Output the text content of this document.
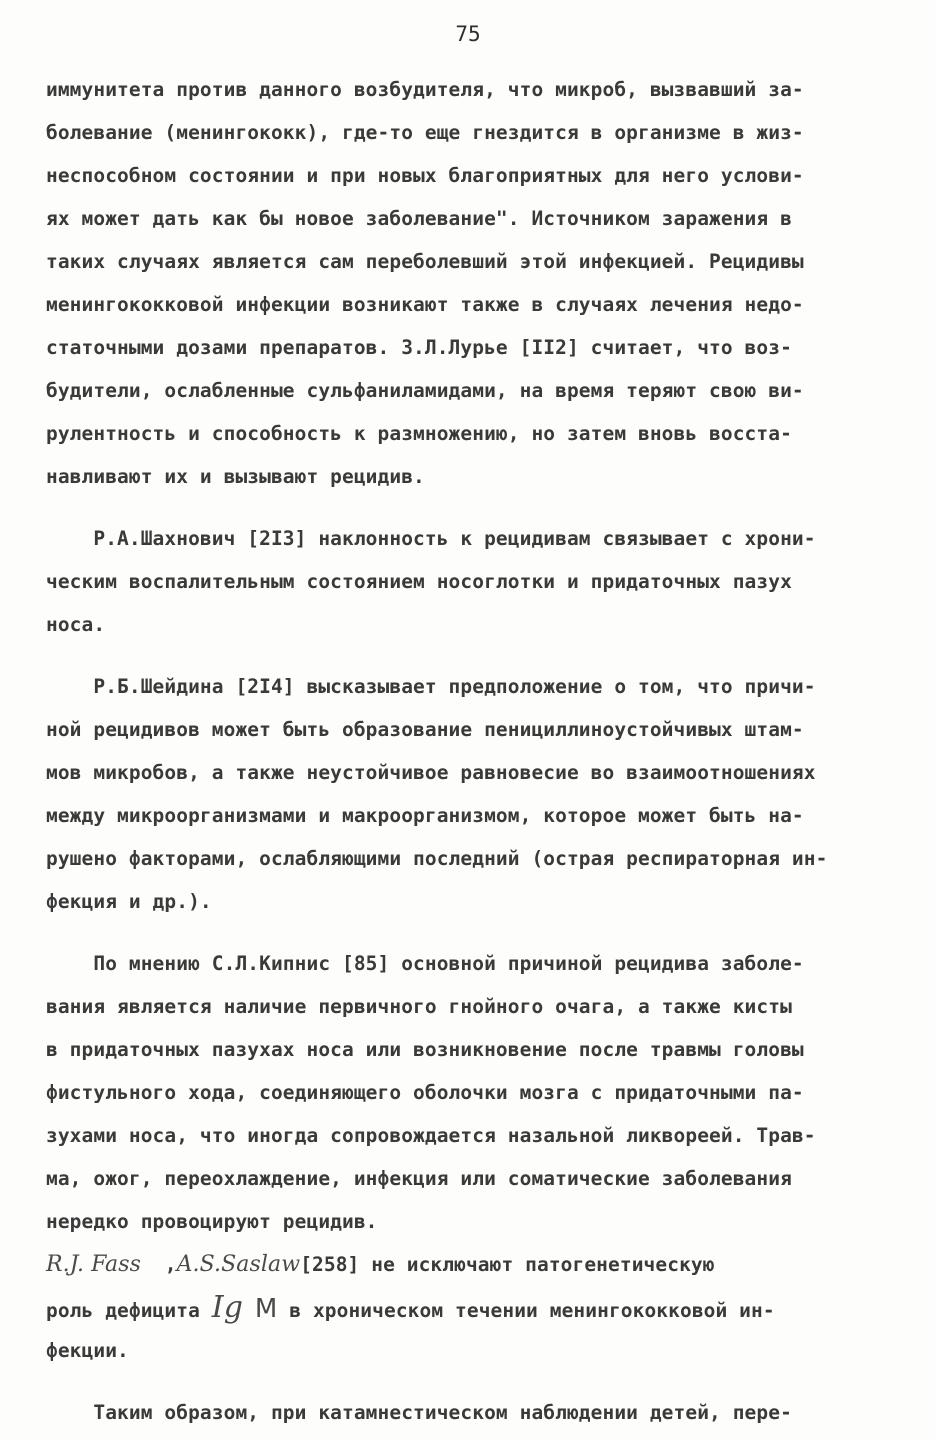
75
иммунитета против данного возбудителя, что микроб, вызвавший за-
болевание (менингококк), где-то еще гнездится в организме в жиз-
неспособном состоянии и при новых благоприятных для него услови-
ях может дать как бы новое заболевание". Источником заражения в
таких случаях является сам переболевший этой инфекцией. Рецидивы
менингококковой инфекции возникают также в случаях лечения недо-
статочными дозами препаратов. З.Л.Лурье [II2] считает, что воз-
будители, ослабленные сульфаниламидами, на время теряют свою ви-
рулентность и способность к размножению, но затем вновь восста-
навливают их и вызывают рецидив.
Р.А.Шахнович [2I3] наклонность к рецидивам связывает с хрони-
ческим воспалительным состоянием носоглотки и придаточных пазух
носа.
Р.Б.Шейдина [2I4] высказывает предположение о том, что причи-
ной рецидивов может быть образование пенициллиноустойчивых штам-
мов микробов, а также неустойчивое равновесие во взаимоотношениях
между микроорганизмами и макроорганизмом, которое может быть на-
рушено факторами, ослабляющими последний (острая респираторная ин-
фекция и др.).
По мнению С.Л.Кипнис [85] основной причиной рецидива заболе-
вания является наличие первичного гнойного очага, а также кисты
в придаточных пазухах носа или возникновение после травмы головы
фистульного хода, соединяющего оболочки мозга с придаточными па-
зухами носа, что иногда сопровождается назальной ликвореей. Трав-
ма, ожог, переохлаждение, инфекция или соматические заболевания
нередко провоцируют рецидив.
R.J. Fass  ,A.S.Saslaw[258] не исключают патогенетическую
роль дефицита Ig M в хроническом течении менингококковой ин-
фекции.
Таким образом, при катамнестическом наблюдении детей, пере-
